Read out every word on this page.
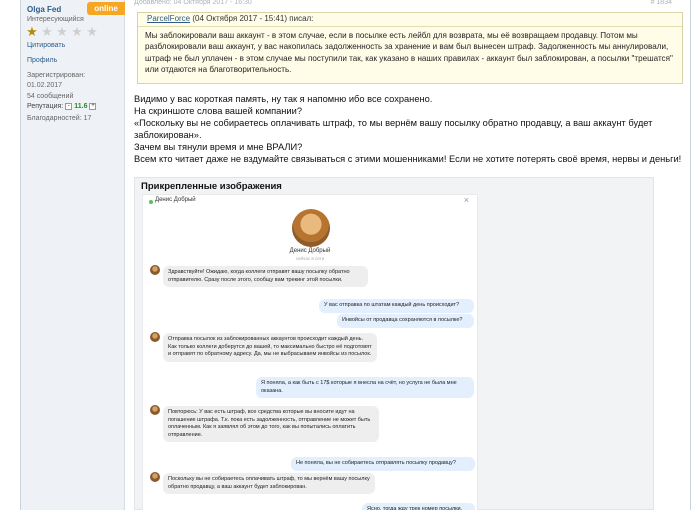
Olga Fed	online
Интересующийся
★ ★ ★ ★ ★
Цитировать
Профиль
Зарегистрирован:
01.02.2017
54 сообщений
Репутация: - 11.6 +
Благодарностей: 17
Добавлено: 04 Октября 2017 - 16:30	# 1834
ParcelForce (04 Октября 2017 - 15:41) писал:
Мы заблокировали ваш аккаунт - в этом случае, если в посылке есть лейбл для возврата, мы её возвращаем продавцу. Потом мы разблокировали ваш аккаунт, у вас накопилась задолженность за хранение и вам был вынесен штраф. Задолженность мы аннулировали, штраф не был уплачен - в этом случае мы поступили так, как указано в наших правилах - аккаунт был заблокирован, а посылки "трешатся" или отдаются на благотворительность.
Видимо у вас короткая память, ну так я напомню ибо все сохранено.
На скриншоте слова вашей компании?
«Поскольку вы не собираетесь оплачивать штраф, то мы вернём вашу посылку обратно продавцу, а ваш аккаунт будет заблокирован».
Зачем вы тянули время и мне ВРАЛИ?
Всем кто читает даже не вздумайте связываться с этими мошенниками! Если не хотите потерять своё время, нервы и деньги!
Прикрепленные изображения
Денис Добрый	×
Денис Добрый
сейчас в сети
Здравствуйте! Ожидаю, когда коллеги отправят вашу посылку обратно отправителю. Сразу после этого, сообщу вам трекинг этой посылки.
У вас отправка по штатам каждый день происходит?
Инвойсы от продавца сохраняются в посылке?
Отправка посылок из заблокированных аккаунтов происходит каждый день. Как только коллеги доберутся до вашей, то максимально быстро её подготовят и отправят по обратному адресу. Да, мы не выбрасываем инвойсы из посылок.
Я поняла, а как быть с 17$ которые я внесла на счёт, но услуга не была мне оказана.
Повторюсь: У вас есть штраф, все средства которые вы вносите идут на погашение штрафа. Т.к. пока есть задолженность, отправление не может быть оплаченным. Как я заявлял об этом до того, как вы попытались оплатить отправление.
Не поняла, вы не собираетесь отправлять посылку продавцу?
Поскольку вы не собираетесь оплачивать штраф, то мы вернём вашу посылку обратно продавцу, а ваш аккаунт будет заблокирован.
Ясно, тогда жду трек номер посылки.
